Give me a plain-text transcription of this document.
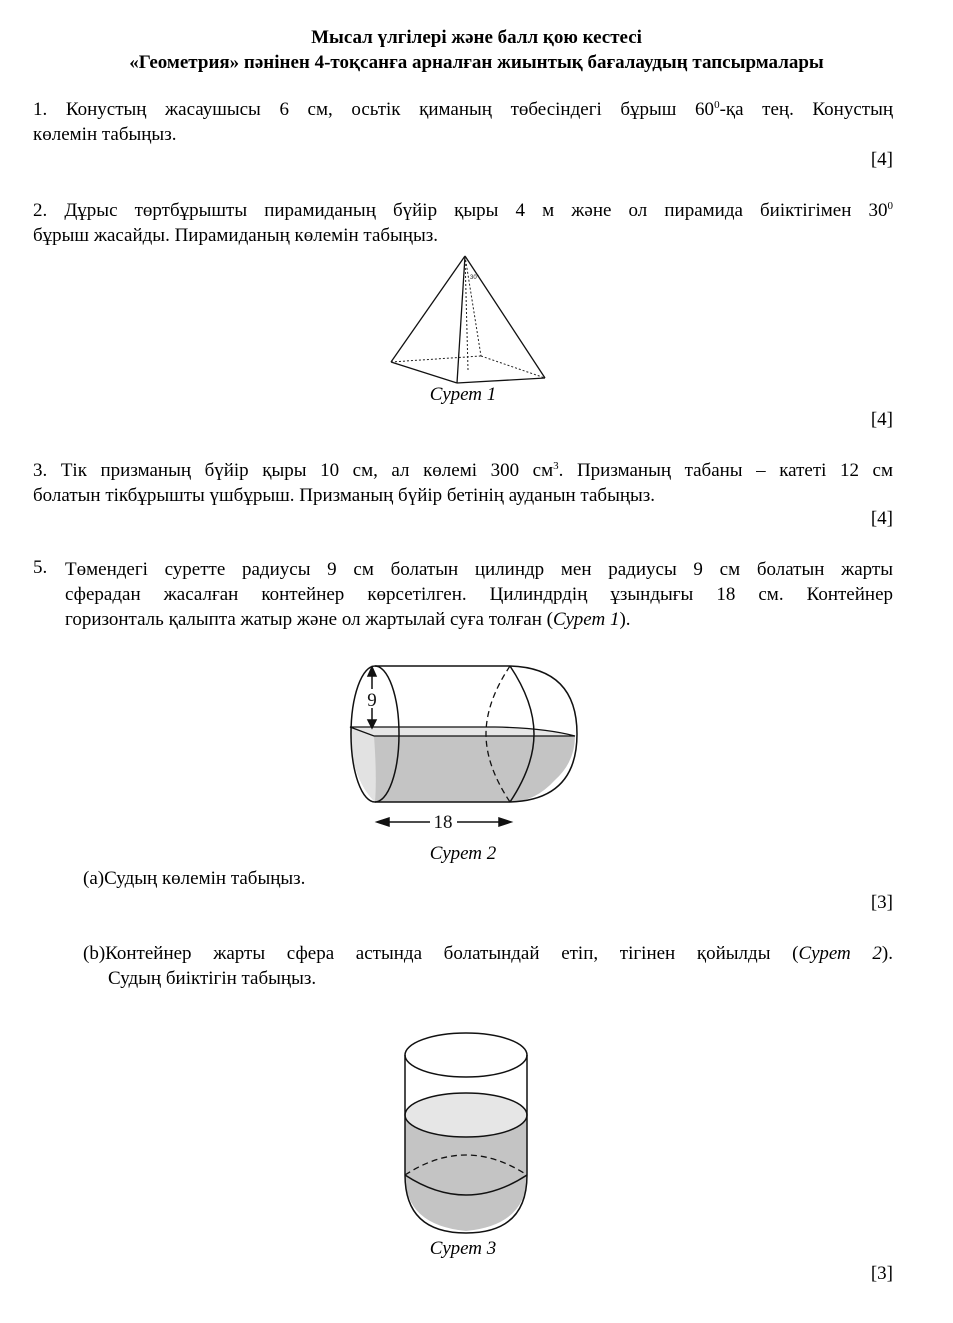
Мысал үлгілері және балл қою кестесі
«Геометрия» пәнінен 4-тоқсанға арналған жиынтық бағалаудың тапсырмалары
1. Конустың жасаушысы 6 см, осьтік қиманың төбесіндегі бұрыш $60^0-қа$ тең. Конустың
көлемін табыңыз.
[4]
2. Дұрыс төртбұрышты пирамиданың бүйір қыры 4 м және ол пирамида биіктігімен $30^0$
бұрыш жасайды. Пирамиданың көлемін табыңыз.
30°
Сурет 1
[4]
3. Тік призманың бүйір қыры 10 см, ал көлемі 300 $см^3$. Призманың табаны – катеті 12 см
болатын тікбұрышты үшбұрыш. Призманың бүйір бетінің ауданын табыңыз.
[4]
5. Төмендегі суретте радиусы 9 см болатын цилиндр мен радиусы 9 см болатын жарты
сферадан жасалған контейнер көрсетілген. Цилиндрдің ұзындығы 18 см. Контейнер
горизонталь қалыпта жатыр және ол жартылай суға толған (Сурет 1).
9
18
Сурет 2
(a)Судың көлемін табыңыз.
[3]
(b)Контейнер жарты сфера астында болатындай етіп, тігінен қойылды (Сурет 2).
Судың биіктігін табыңыз.
Сурет 3
[3]
